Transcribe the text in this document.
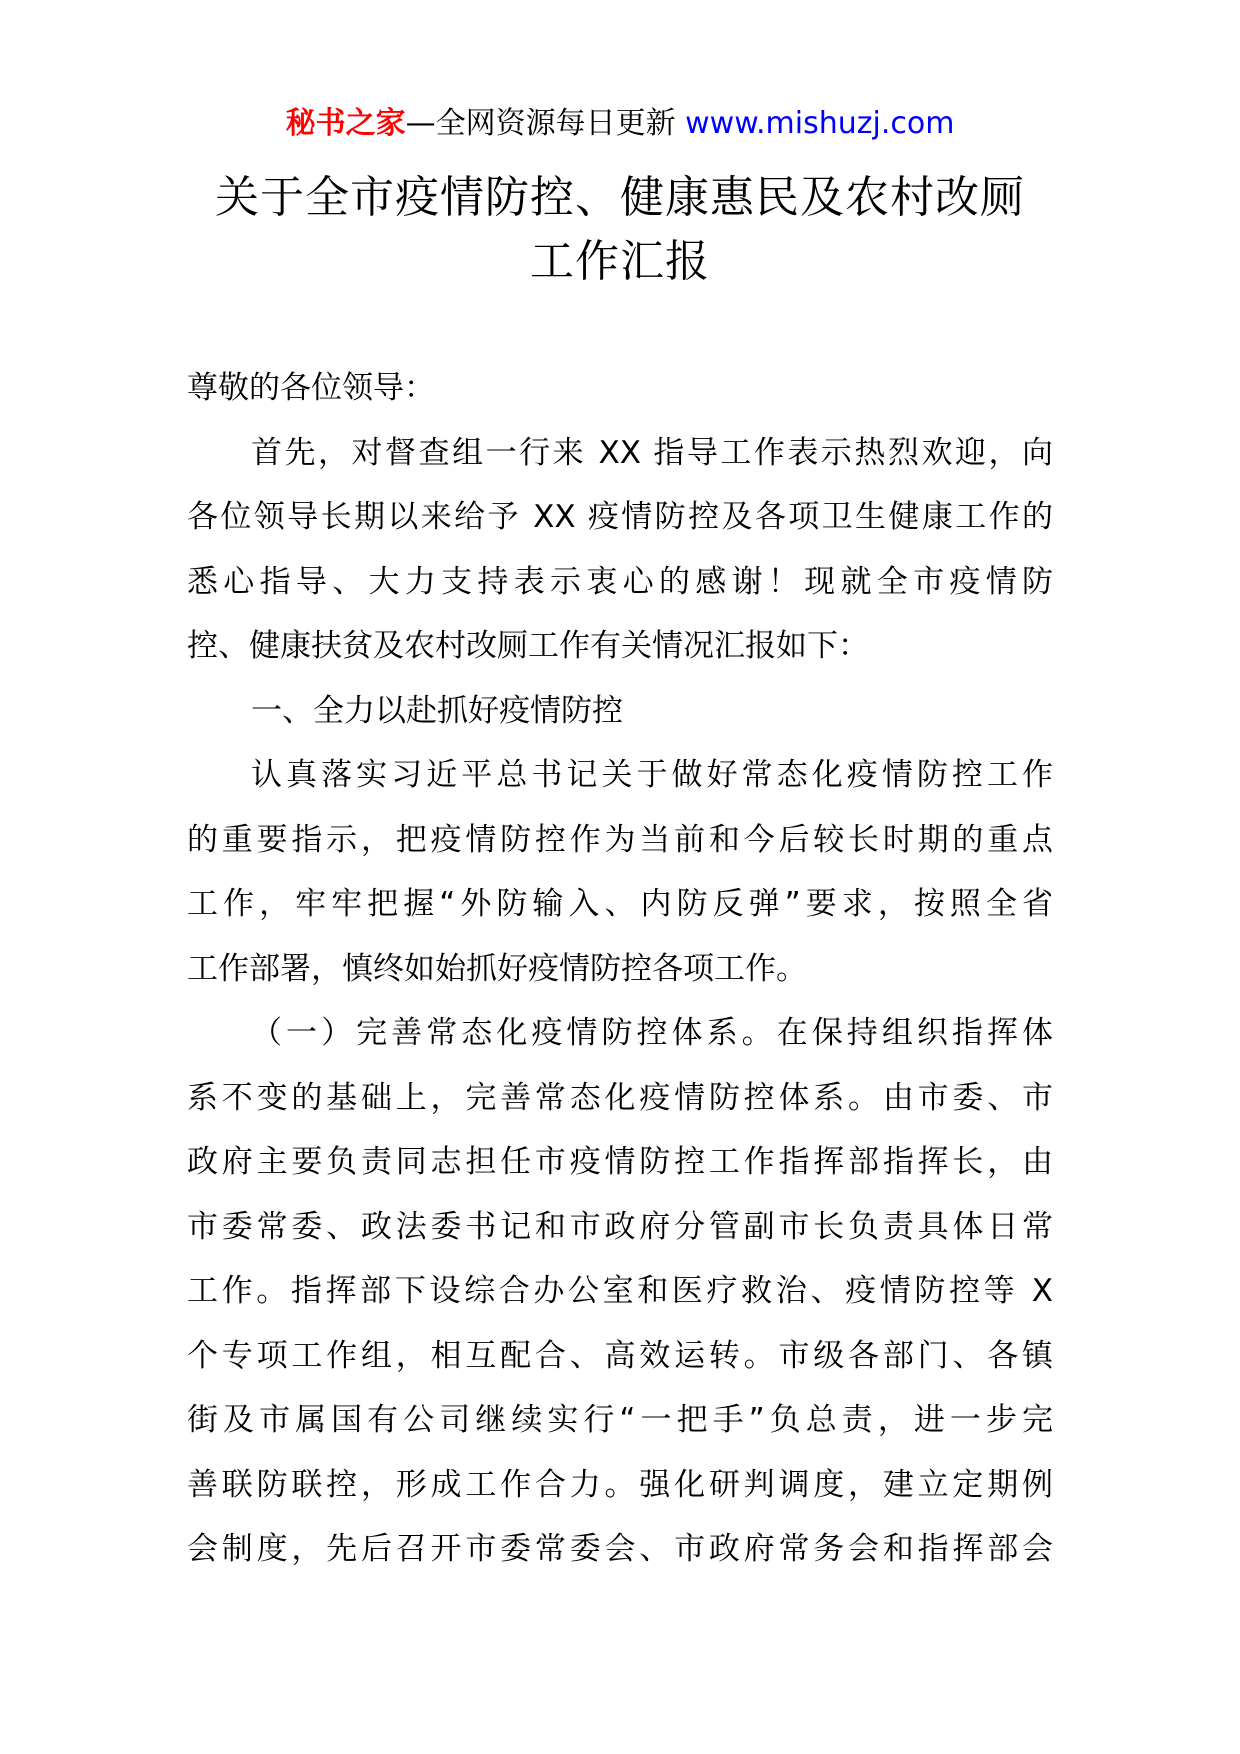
秘书之家—全网资源每日更新 www.mishuzj.com
关于全市疫情防控、健康惠民及农村改厕
工作汇报

尊敬的各位领导：

首先，对督查组一行来 XX 指导工作表示热烈欢迎，向
各位领导长期以来给予 XX 疫情防控及各项卫生健康工作的
悉心指导、大力支持表示衷心的感谢！现就全市疫情防
控、健康扶贫及农村改厕工作有关情况汇报如下：

一、全力以赴抓好疫情防控

认真落实习近平总书记关于做好常态化疫情防控工作
的重要指示，把疫情防控作为当前和今后较长时期的重点
工作，牢牢把握“外防输入、内防反弹”要求，按照全省
工作部署，慎终如始抓好疫情防控各项工作。

（一）完善常态化疫情防控体系。在保持组织指挥体
系不变的基础上，完善常态化疫情防控体系。由市委、市
政府主要负责同志担任市疫情防控工作指挥部指挥长，由
市委常委、政法委书记和市政府分管副市长负责具体日常
工作。指挥部下设综合办公室和医疗救治、疫情防控等 X
个专项工作组，相互配合、高效运转。市级各部门、各镇
街及市属国有公司继续实行“一把手”负总责，进一步完
善联防联控，形成工作合力。强化研判调度，建立定期例
会制度，先后召开市委常委会、市政府常务会和指挥部会
